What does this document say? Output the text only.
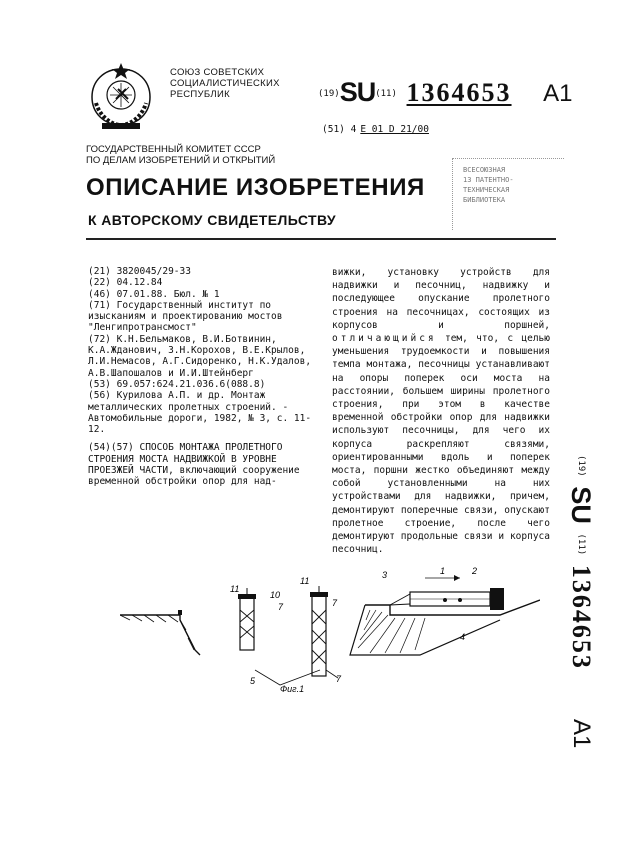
СОЮЗ СОВЕТСКИХ
СОЦИАЛИСТИЧЕСКИХ
РЕСПУБЛИК	$^{(19)}$SU$^{(11)}$ 1364653 A1
(51) 4 Е 01 D 21/00
ГОСУДАРСТВЕННЫЙ КОМИТЕТ СССР
ПО ДЕЛАМ ИЗОБРЕТЕНИЙ И ОТКРЫТИЙ
ОПИСАНИЕ ИЗОБРЕТЕНИЯ
К АВТОРСКОМУ СВИДЕТЕЛЬСТВУ
ВСЕСОЮЗНАЯ
13 ПАТЕНТНО-
ТЕХНИЧЕСКАЯ
БИБЛИОТЕКА
(21) 3820045/29-33
(22) 04.12.84
(46) 07.01.88. Бюл. № 1
(71) Государственный институт по изысканиям и проектированию мостов "Ленгипротрансмост"
(72) К.Н.Бельмаков, В.И.Ботвинин, К.А.Жданович, З.Н.Корохов, В.Е.Крылов, Л.И.Немасов, А.Г.Сидоренко, Н.К.Удалов, А.В.Шапошалов и И.И.Штейнберг
(53) 69.057:624.21.036.6(088.8)
(56) Курилова А.П. и др. Монтаж металлических пролетных строений. - Автомобильные дороги, 1982, № 3, с. 11-12.
(54)(57) СПОСОБ МОНТАЖА ПРОЛЕТНОГО СТРОЕНИЯ МОСТА НАДВИЖКОЙ В УРОВНЕ ПРОЕЗЖЕЙ ЧАСТИ, включающий сооружение временной обстройки опор для над-
вижки, установку устройств для надвижки и песочниц, надвижку и последующее опускание пролетного строения на песочницах, состоящих из корпусов и поршней, отличающийся тем, что, с целью уменьшения трудоемкости и повышения темпа монтажа, песочницы устанавливают на опоры поперек оси моста на расстоянии, большем ширины пролетного строения, при этом в качестве временной обстройки опор для надвижки используют песочницы, для чего их корпуса раскрепляют связями, ориентированными вдоль и поперек моста, поршни жестко объединяют между собой установленными на них устройствами для надвижки, причем, демонтируют поперечные связи, опускают пролетное строение, после чего демонтируют продольные связи и корпуса песочниц.
(19) SU (11) 1364653 A1
11
10
7
11
7
5	7
3	1	2
4
Фиг.1
